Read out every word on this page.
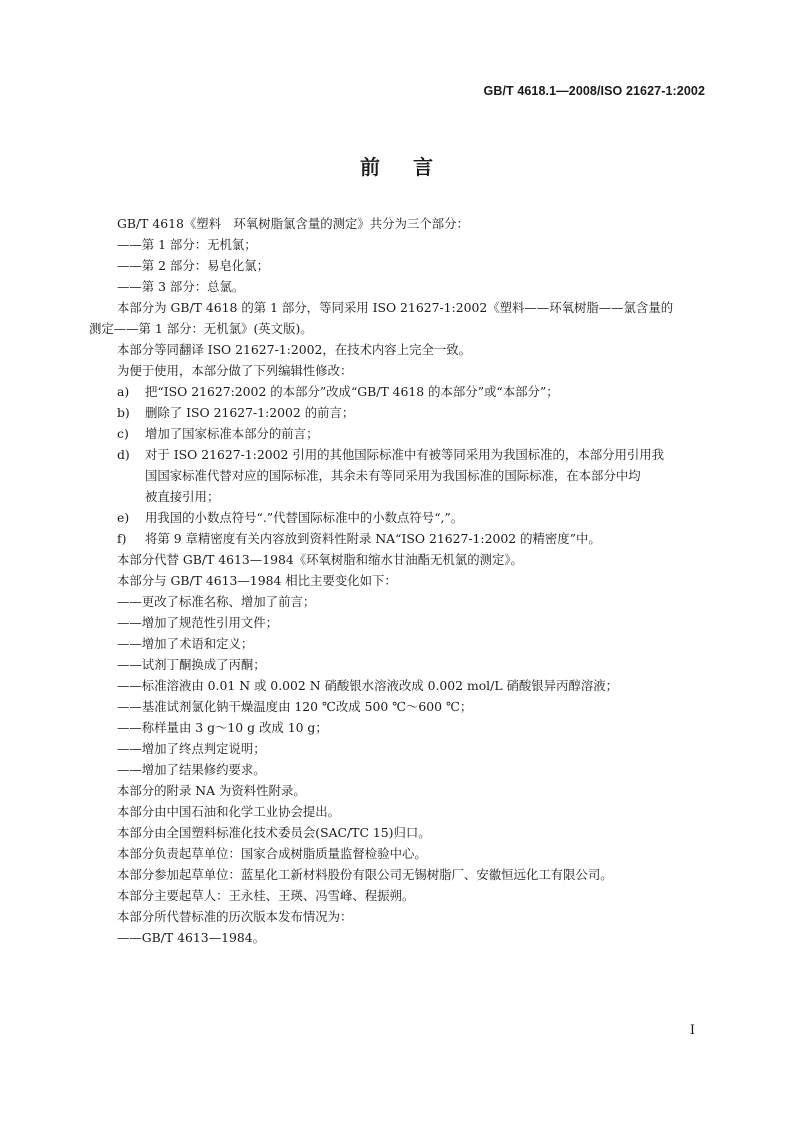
GB/T 4618.1—2008/ISO 21627-1:2002
前 言

GB/T 4618《塑料　环氧树脂氯含量的测定》共分为三个部分：

——第 1 部分：无机氯；

——第 2 部分：易皂化氯；

——第 3 部分：总氯。

本部分为 GB/T 4618 的第 1 部分，等同采用 ISO 21627-1:2002《塑料——环氧树脂——氯含量的

测定——第 1 部分：无机氯》(英文版)。

本部分等同翻译 ISO 21627-1:2002，在技术内容上完全一致。

为便于使用，本部分做了下列编辑性修改：

a) 把“ISO 21627:2002 的本部分”改成“GB/T 4618 的本部分”或“本部分”；

b) 删除了 ISO 21627-1:2002 的前言；

c) 增加了国家标准本部分的前言；

d) 对于 ISO 21627-1:2002 引用的其他国际标准中有被等同采用为我国标准的，本部分用引用我
国国家标准代替对应的国际标准，其余未有等同采用为我国标准的国际标准，在本部分中均
被直接引用；

e) 用我国的小数点符号“.”代替国际标准中的小数点符号“,”。

f) 将第 9 章精密度有关内容放到资料性附录 NA“ISO 21627-1:2002 的精密度”中。

本部分代替 GB/T 4613—1984《环氧树脂和缩水甘油酯无机氯的测定》。

本部分与 GB/T 4613—1984 相比主要变化如下：

——更改了标准名称、增加了前言；

——增加了规范性引用文件；

——增加了术语和定义；

——试剂丁酮换成了丙酮；

——标准溶液由 0.01 N 或 0.002 N 硝酸银水溶液改成 0.002 mol/L 硝酸银异丙醇溶液；

——基准试剂氯化钠干燥温度由 120 ℃改成 500 ℃～600 ℃；

——称样量由 3 g～10 g 改成 10 g；

——增加了终点判定说明；

——增加了结果修约要求。

本部分的附录 NA 为资料性附录。

本部分由中国石油和化学工业协会提出。

本部分由全国塑料标准化技术委员会(SAC/TC 15)归口。

本部分负责起草单位：国家合成树脂质量监督检验中心。

本部分参加起草单位：蓝星化工新材料股份有限公司无锡树脂厂、安徽恒远化工有限公司。

本部分主要起草人：王永桂、王瑛、冯雪峰、程振朔。

本部分所代替标准的历次版本发布情况为：

——GB/T 4613—1984。

I
